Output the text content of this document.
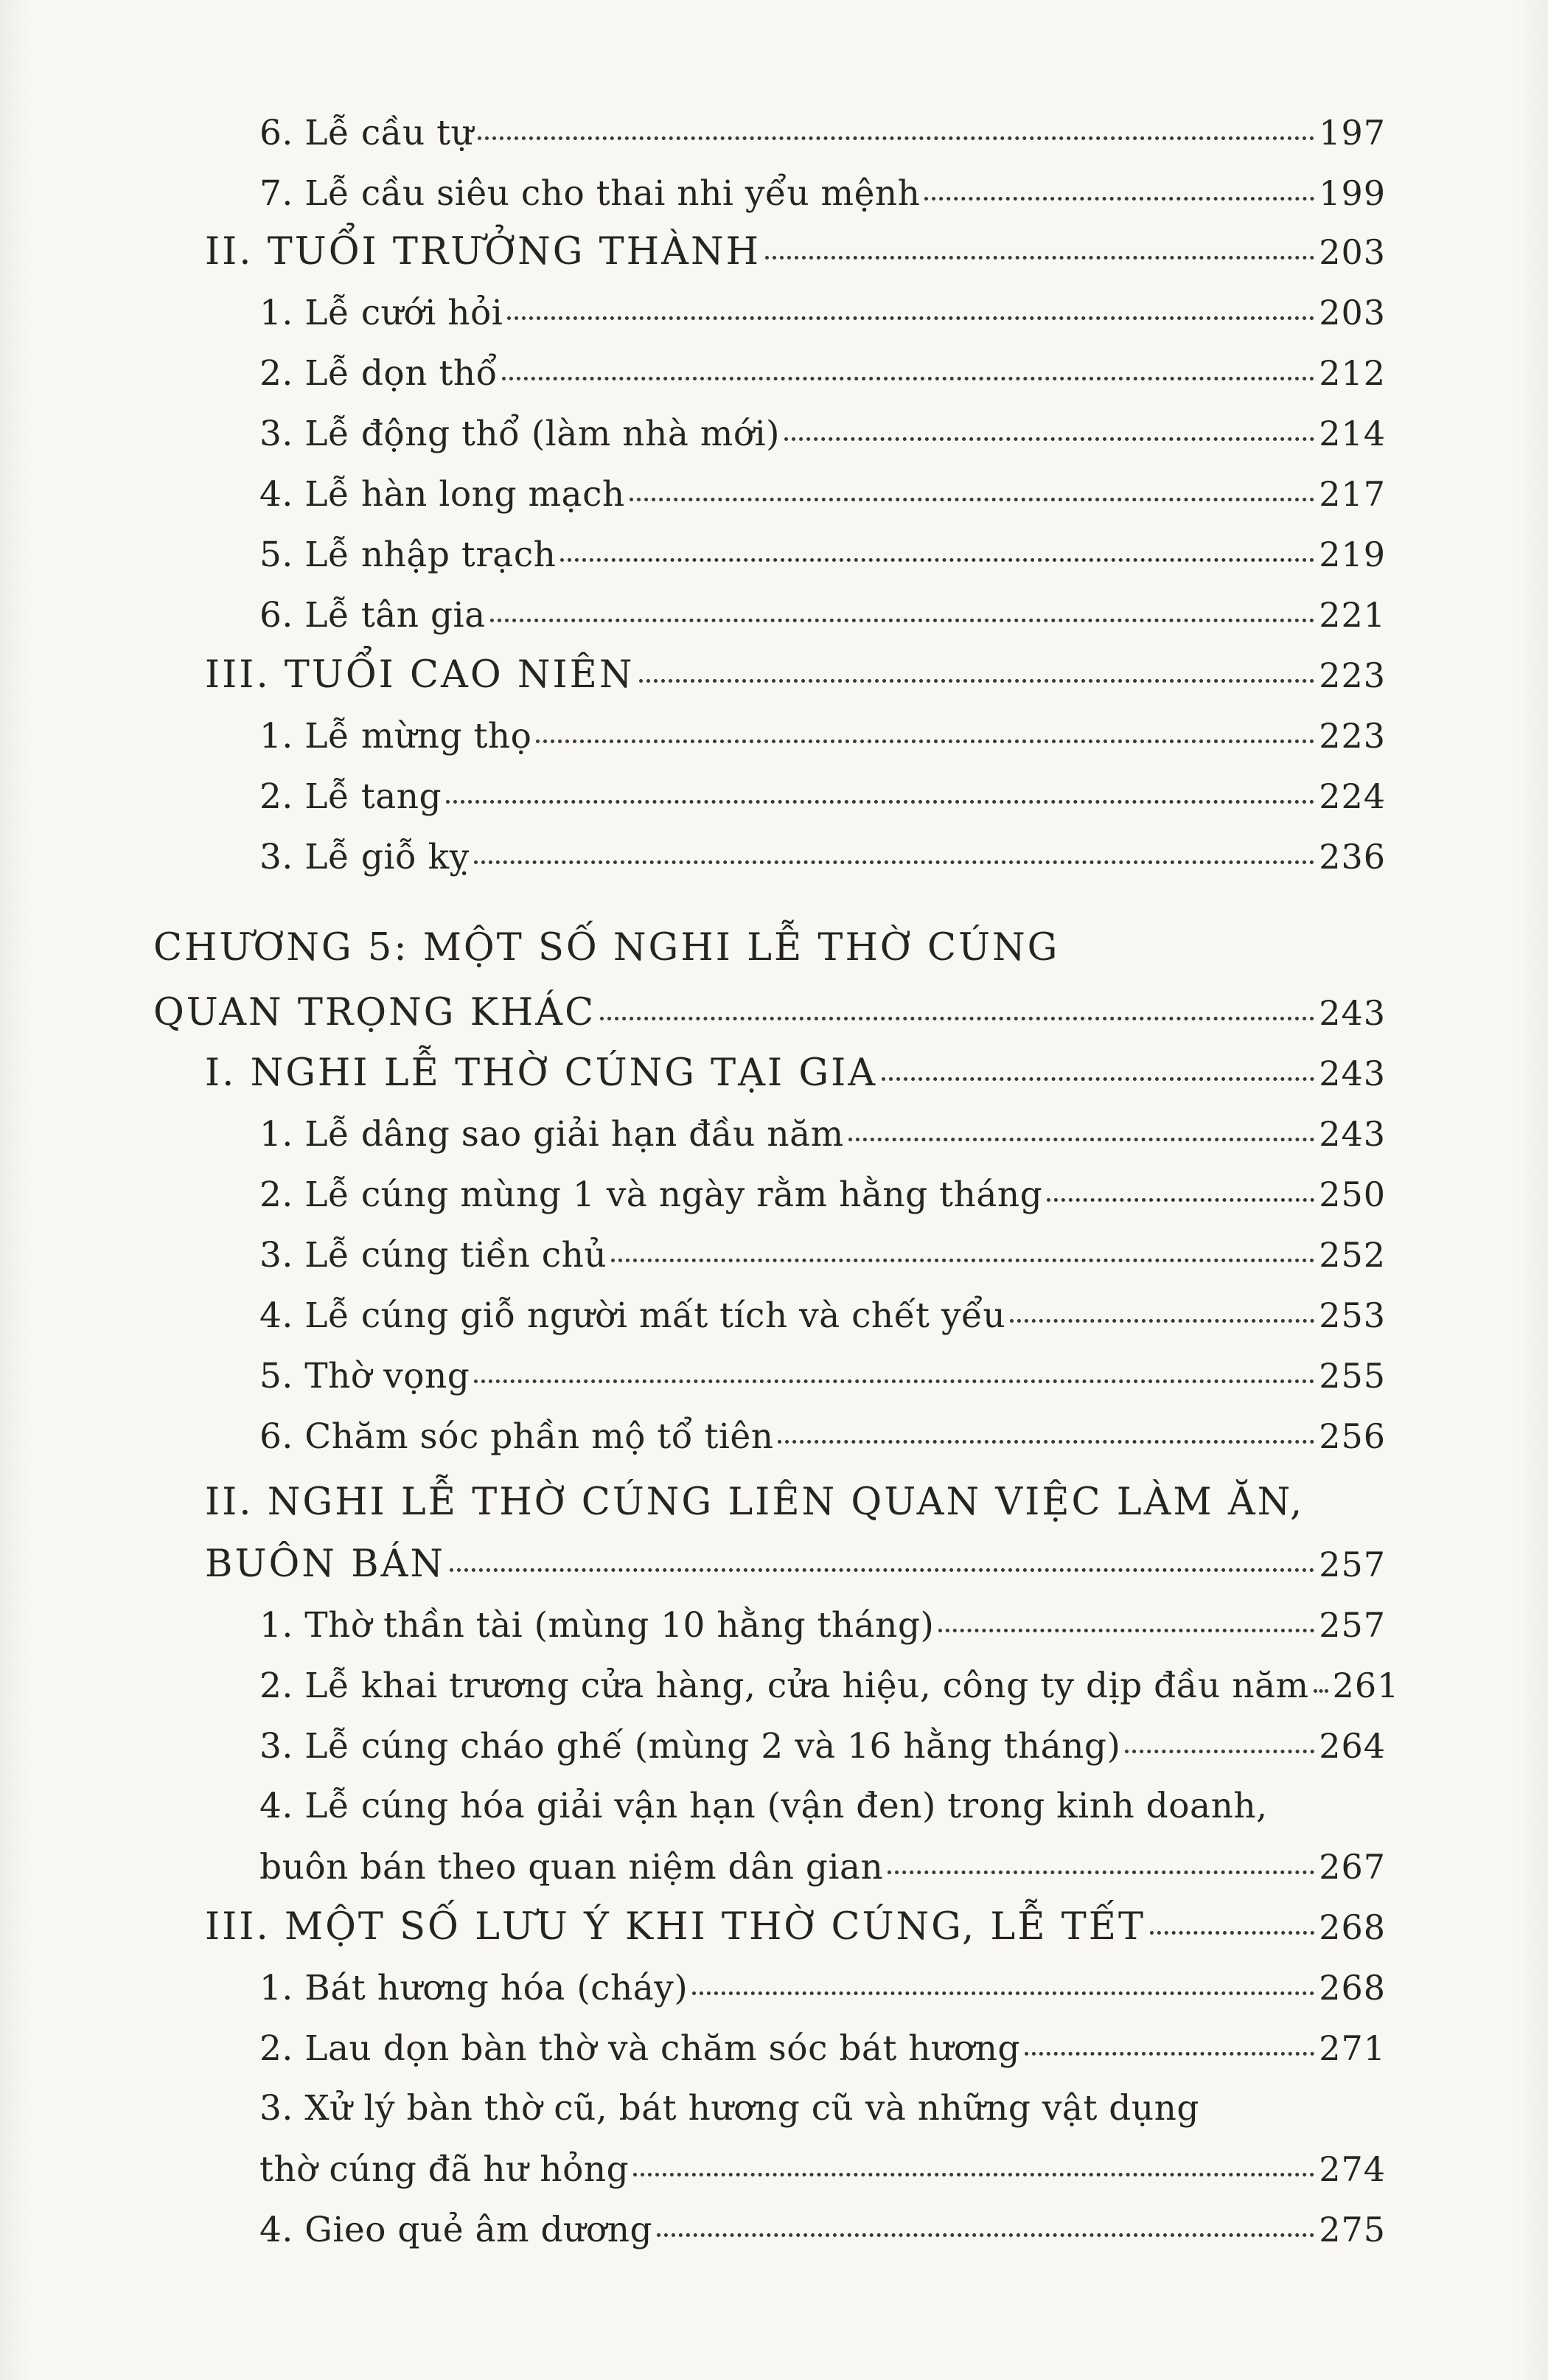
6. Lễ cầu tự	197
7. Lễ cầu siêu cho thai nhi yểu mệnh	199
II. TUỔI TRƯỞNG THÀNH	203
1. Lễ cưới hỏi	203
2. Lễ dọn thổ	212
3. Lễ động thổ (làm nhà mới)	214
4. Lễ hàn long mạch	217
5. Lễ nhập trạch	219
6. Lễ tân gia	221
III. TUỔI CAO NIÊN	223
1. Lễ mừng thọ	223
2. Lễ tang	224
3. Lễ giỗ kỵ	236
CHƯƠNG 5: MỘT SỐ NGHI LỄ THỜ CÚNG
QUAN TRỌNG KHÁC	243
I. NGHI LỄ THỜ CÚNG TẠI GIA	243
1. Lễ dâng sao giải hạn đầu năm	243
2. Lễ cúng mùng 1 và ngày rằm hằng tháng	250
3. Lễ cúng tiền chủ	252
4. Lễ cúng giỗ người mất tích và chết yểu	253
5. Thờ vọng	255
6. Chăm sóc phần mộ tổ tiên	256
II. NGHI LỄ THỜ CÚNG LIÊN QUAN VIỆC LÀM ĂN,
BUÔN BÁN	257
1. Thờ thần tài (mùng 10 hằng tháng)	257
2. Lễ khai trương cửa hàng, cửa hiệu, công ty dịp đầu năm 261
3. Lễ cúng cháo ghế (mùng 2 và 16 hằng tháng)	264
4. Lễ cúng hóa giải vận hạn (vận đen) trong kinh doanh,
buôn bán theo quan niệm dân gian	267
III. MỘT SỐ LƯU Ý KHI THỜ CÚNG, LỄ TẾT	268
1. Bát hương hóa (cháy)	268
2. Lau dọn bàn thờ và chăm sóc bát hương	271
3. Xử lý bàn thờ cũ, bát hương cũ và những vật dụng
thờ cúng đã hư hỏng	274
4. Gieo quẻ âm dương	275
